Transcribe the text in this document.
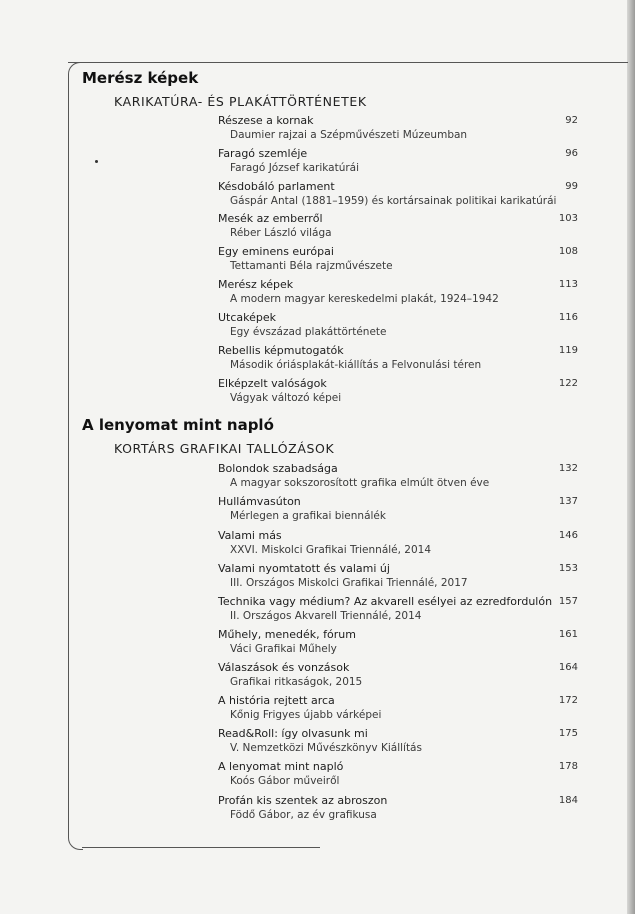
Merész képek
KARIKATÚRA- ÉS PLAKÁTTÖRTÉNETEK
Részese a kornak
Daumier rajzai a Szépművészeti Múzeumban
92
Faragó szemléje
Faragó József karikatúrái
96
Késdobáló parlament
Gáspár Antal (1881–1959) és kortársainak politikai karikatúrái
99
Mesék az emberről
Réber László világa
103
Egy eminens európai
Tettamanti Béla rajzművészete
108
Merész képek
A modern magyar kereskedelmi plakát, 1924–1942
113
Utcaképek
Egy évszázad plakáttörténete
116
Rebellis képmutogatók
Második óriásplakát-kiállítás a Felvonulási téren
119
Elképzelt valóságok
Vágyak változó képei
122
A lenyomat mint napló
KORTÁRS GRAFIKAI TALLÓZÁSOK
Bolondok szabadsága
A magyar sokszorosított grafika elmúlt ötven éve
132
Hullámvasúton
Mérlegen a grafikai biennálék
137
Valami más
XXVI. Miskolci Grafikai Triennálé, 2014
146
Valami nyomtatott és valami új
III. Országos Miskolci Grafikai Triennálé, 2017
153
Technika vagy médium? Az akvarell esélyei az ezredfordulón
II. Országos Akvarell Triennálé, 2014
157
Műhely, menedék, fórum
Váci Grafikai Műhely
161
Válaszások és vonzások
Grafikai ritkaságok, 2015
164
A história rejtett arca
Kőnig Frigyes újabb várképei
172
Read&Roll: így olvasunk mi
V. Nemzetközi Művészkönyv Kiállítás
175
A lenyomat mint napló
Koós Gábor műveiről
178
Profán kis szentek az abroszon
Födő Gábor, az év grafikusa
184
